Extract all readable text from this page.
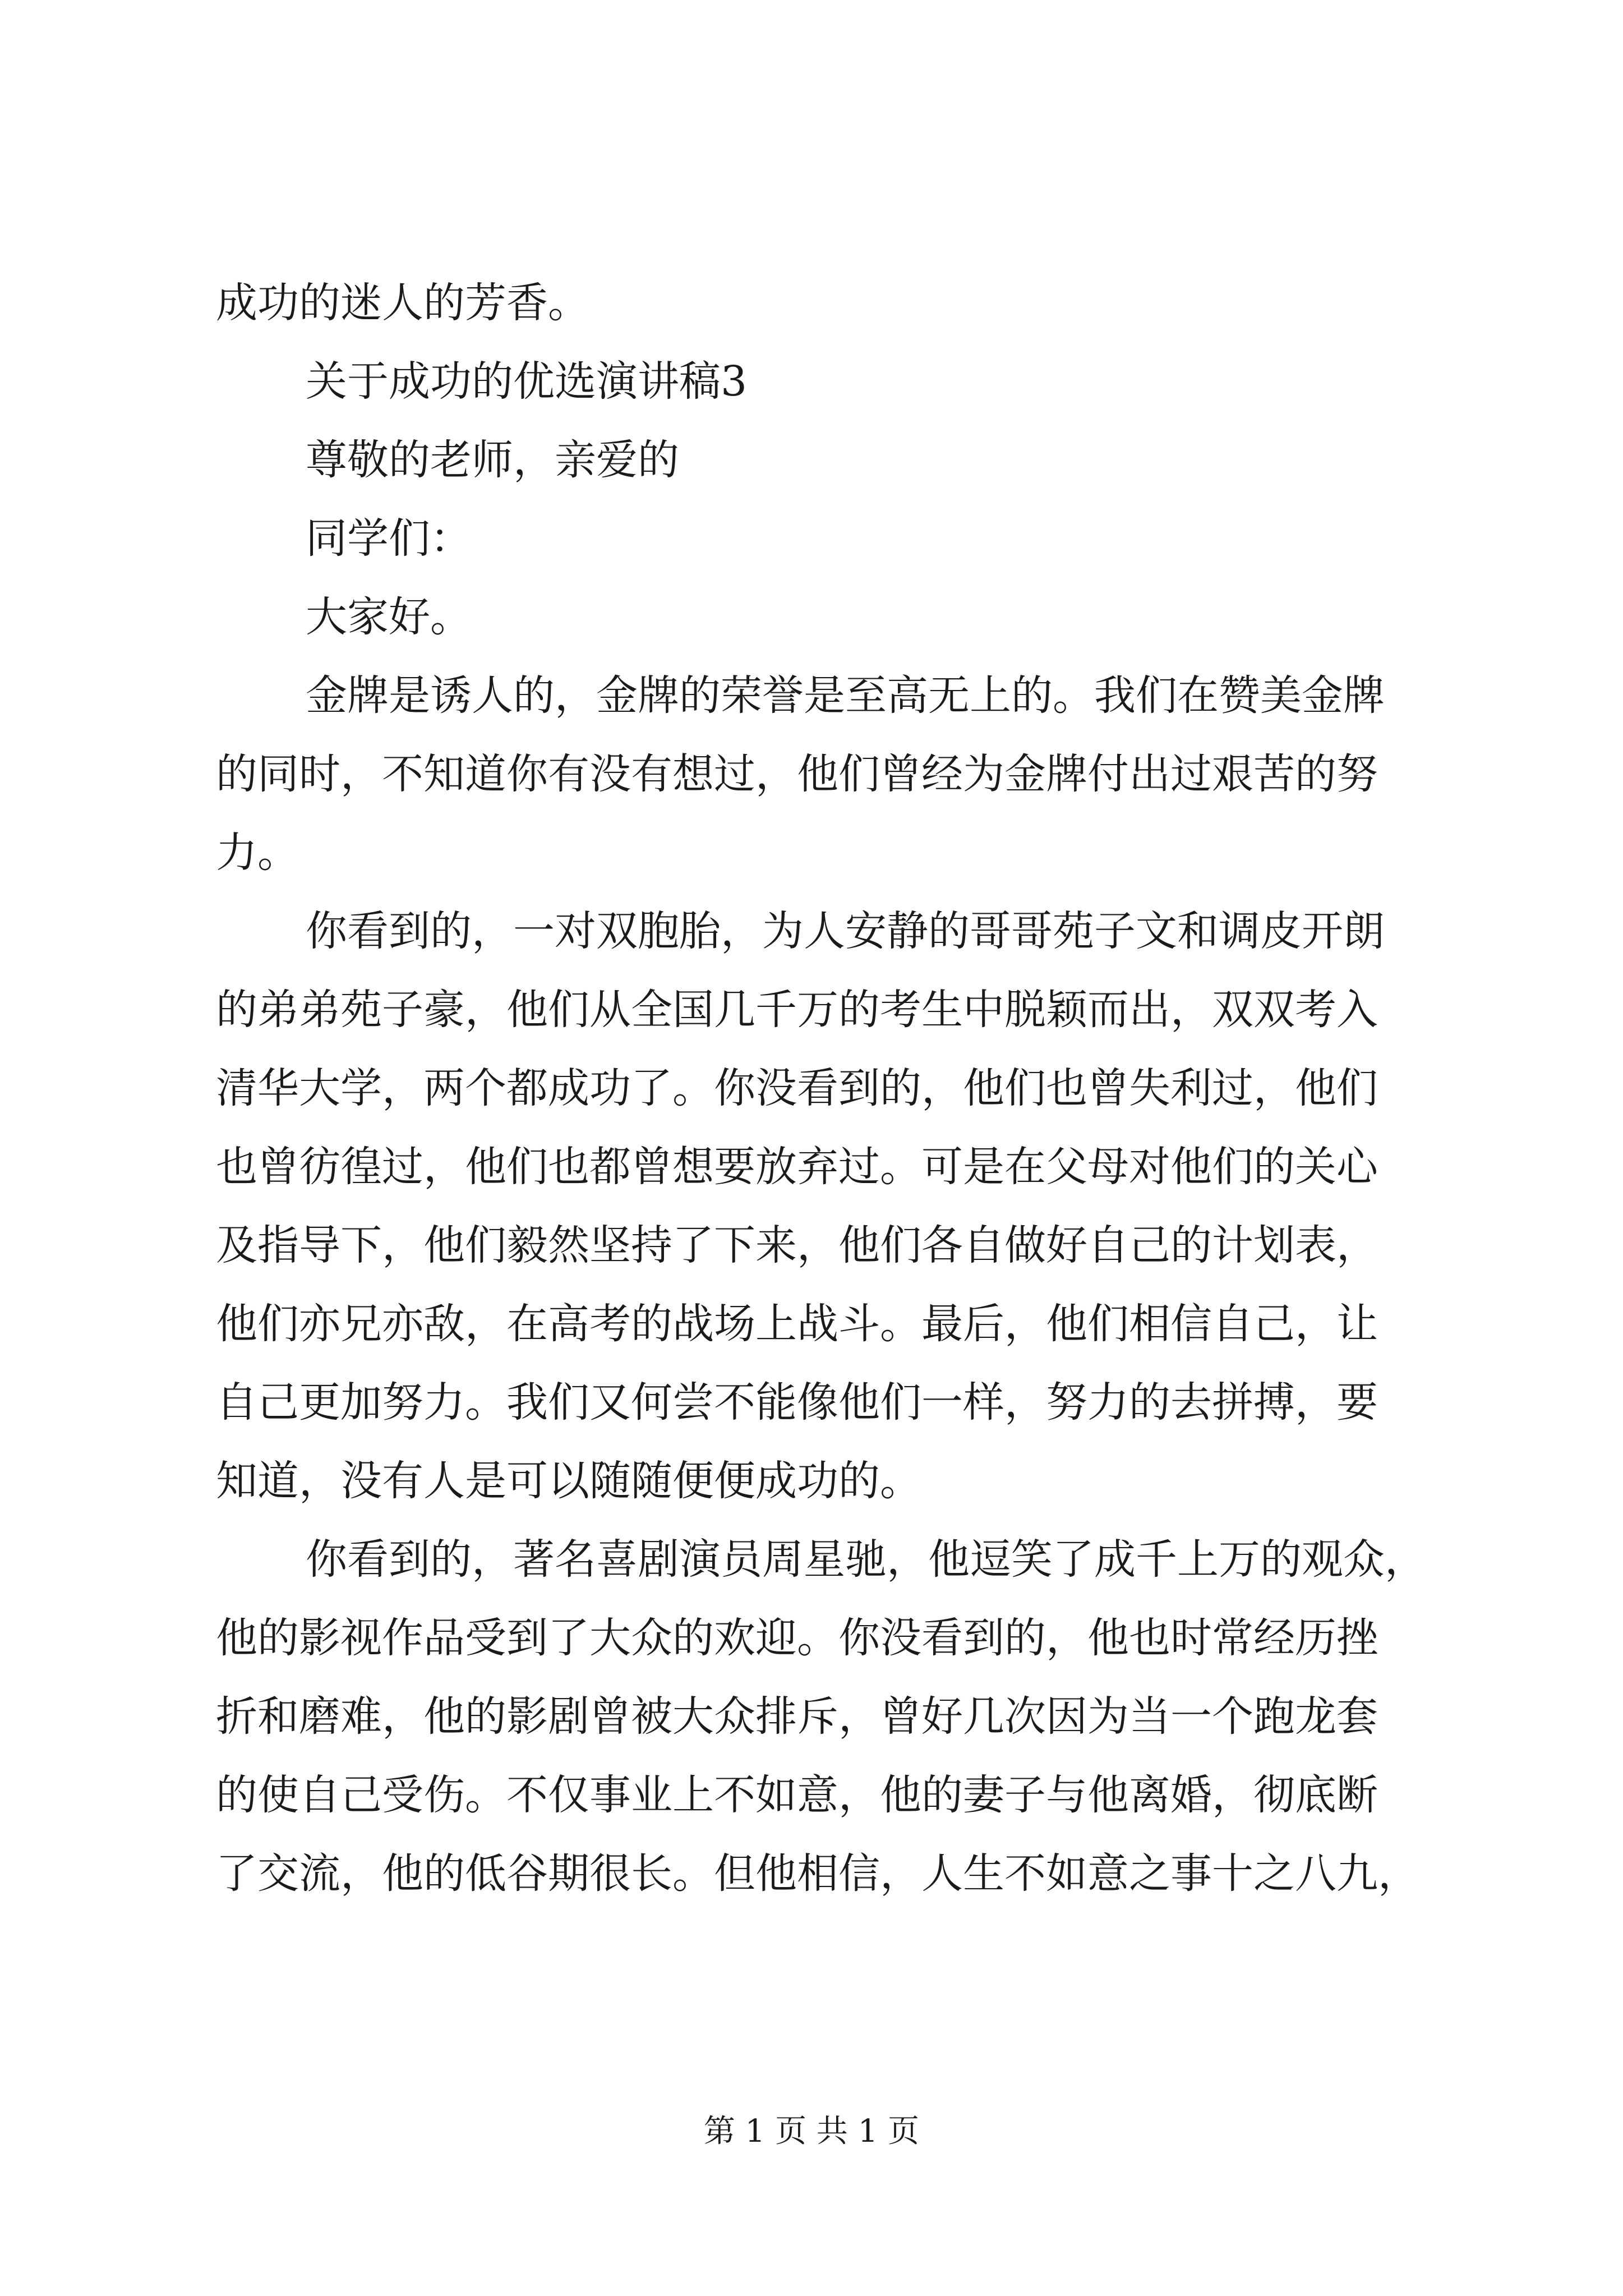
成功的迷人的芳香。
关于成功的优选演讲稿3
尊敬的老师，亲爱的
同学们：
大家好。
金牌是诱人的，金牌的荣誉是至高无上的。我们在赞美金牌
的同时，不知道你有没有想过，他们曾经为金牌付出过艰苦的努
力。
你看到的，一对双胞胎，为人安静的哥哥苑子文和调皮开朗
的弟弟苑子豪，他们从全国几千万的考生中脱颖而出，双双考入
清华大学，两个都成功了。你没看到的，他们也曾失利过，他们
也曾彷徨过，他们也都曾想要放弃过。可是在父母对他们的关心
及指导下，他们毅然坚持了下来，他们各自做好自己的计划表，
他们亦兄亦敌，在高考的战场上战斗。最后，他们相信自己，让
自己更加努力。我们又何尝不能像他们一样，努力的去拼搏，要
知道，没有人是可以随随便便成功的。
你看到的，著名喜剧演员周星驰，他逗笑了成千上万的观众，
他的影视作品受到了大众的欢迎。你没看到的，他也时常经历挫
折和磨难，他的影剧曾被大众排斥，曾好几次因为当一个跑龙套
的使自己受伤。不仅事业上不如意，他的妻子与他离婚，彻底断
了交流，他的低谷期很长。但他相信，人生不如意之事十之八九，
第 1 页 共 1 页
